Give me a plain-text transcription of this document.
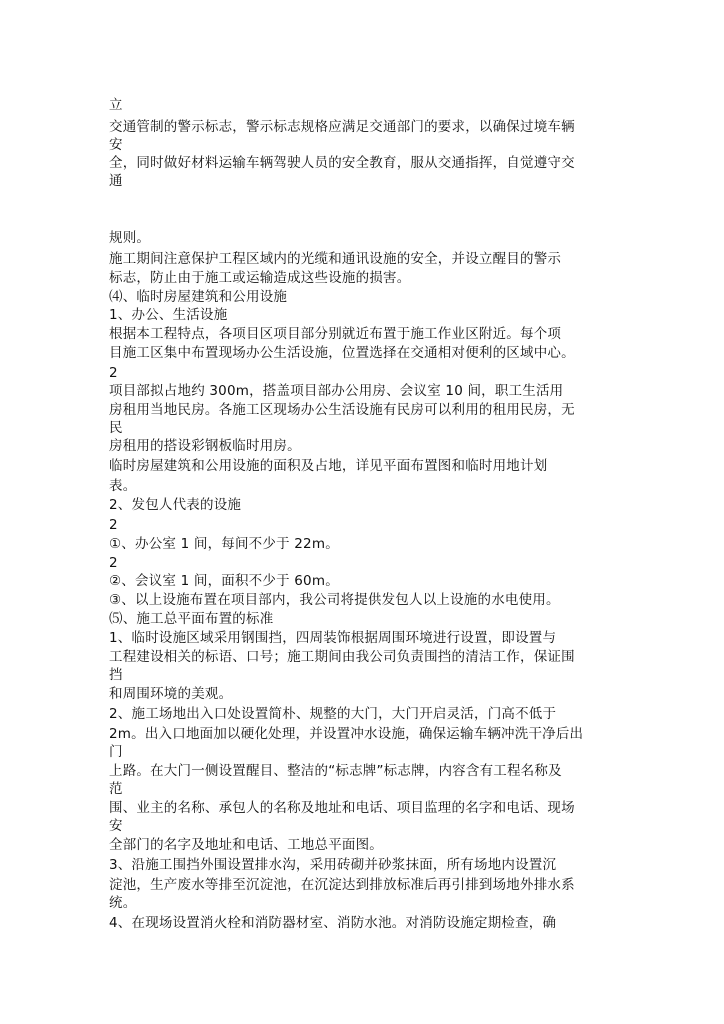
立
交通管制的警示标志，警示标志规格应满足交通部门的要求，以确保过境车辆
安
全，同时做好材料运输车辆驾驶人员的安全教育，服从交通指挥，自觉遵守交
通
规则。
施工期间注意保护工程区域内的光缆和通讯设施的安全，并设立醒目的警示
标志，防止由于施工或运输造成这些设施的损害。
⑷、临时房屋建筑和公用设施
1、办公、生活设施
根据本工程特点，各项目区项目部分别就近布置于施工作业区附近。每个项
目施工区集中布置现场办公生活设施，位置选择在交通相对便利的区域中心。
2
项目部拟占地约 300m，搭盖项目部办公用房、会议室 10 间，职工生活用
房租用当地民房。各施工区现场办公生活设施有民房可以利用的租用民房，无
民
房租用的搭设彩钢板临时用房。
临时房屋建筑和公用设施的面积及占地，详见平面布置图和临时用地计划
表。
2、发包人代表的设施
2
①、办公室 1 间，每间不少于 22m。
2
②、会议室 1 间，面积不少于 60m。
③、以上设施布置在项目部内，我公司将提供发包人以上设施的水电使用。
⑸、施工总平面布置的标准
1、临时设施区域采用钢围挡，四周装饰根据周围环境进行设置，即设置与
工程建设相关的标语、口号；施工期间由我公司负责围挡的清洁工作，保证围
挡
和周围环境的美观。
2、施工场地出入口处设置简朴、规整的大门，大门开启灵活，门高不低于
2m。出入口地面加以硬化处理，并设置冲水设施，确保运输车辆冲洗干净后出
门
上路。在大门一侧设置醒目、整洁的“标志牌”标志牌，内容含有工程名称及
范
围、业主的名称、承包人的名称及地址和电话、项目监理的名字和电话、现场
安
全部门的名字及地址和电话、工地总平面图。
3、沿施工围挡外围设置排水沟，采用砖砌并砂浆抹面，所有场地内设置沉
淀池，生产废水等排至沉淀池，在沉淀达到排放标准后再引排到场地外排水系
统。
4、在现场设置消火栓和消防器材室、消防水池。对消防设施定期检查，确
